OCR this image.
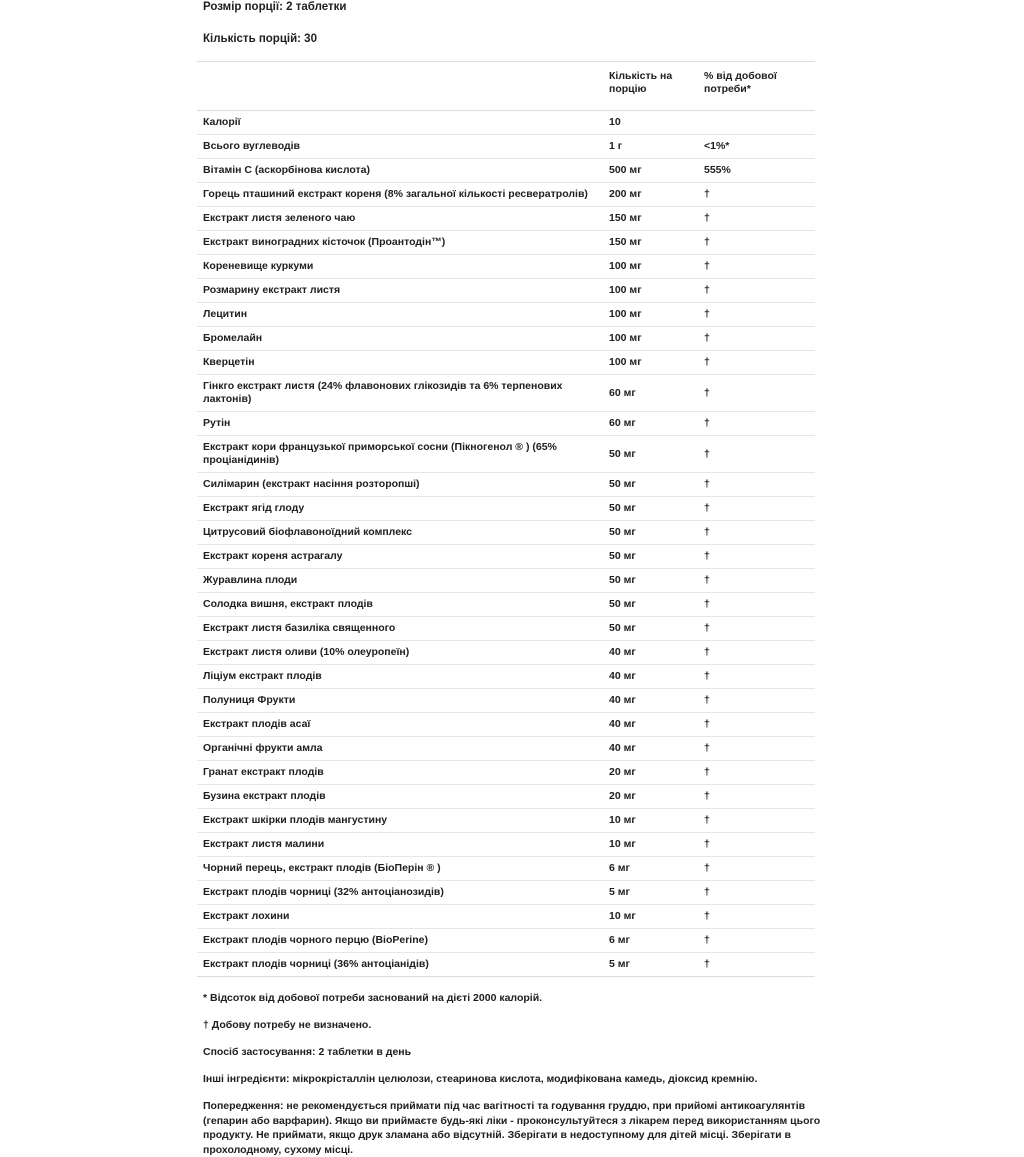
Розмір порції: 2 таблетки

Кількість порцій: 30

	Кількість на порцію	% від добової потреби*
Калорії	10	
Всього вуглеводів	1 г	<1%*
Вітамін С (аскорбінова кислота)	500 мг	555%
Горець пташиний екстракт кореня (8% загальної кількості ресвератролів)	200 мг	†
Екстракт листя зеленого чаю	150 мг	†
Екстракт виноградних кісточок (Проантодін™)	150 мг	†
Кореневище куркуми	100 мг	†
Розмарину екстракт листя	100 мг	†
Лецитин	100 мг	†
Бромелайн	100 мг	†
Кверцетін	100 мг	†
Гінкго екстракт листя (24% флавонових глікозидів та 6% терпенових лактонів)	60 мг	†
Рутін	60 мг	†
Екстракт кори французької приморської сосни (Пікногенол ® ) (65% проціанідинів)	50 мг	†
Силімарин (екстракт насіння розторопші)	50 мг	†
Екстракт ягід глоду	50 мг	†
Цитрусовий біофлавоноїдний комплекс	50 мг	†
Екстракт кореня астрагалу	50 мг	†
Журавлина плоди	50 мг	†
Солодка вишня, екстракт плодів	50 мг	†
Екстракт листя базиліка священного	50 мг	†
Екстракт листя оливи (10% олеуропеїн)	40 мг	†
Ліціум екстракт плодів	40 мг	†
Полуниця Фрукти	40 мг	†
Екстракт плодів асаї	40 мг	†
Органічні фрукти амла	40 мг	†
Гранат екстракт плодів	20 мг	†
Бузина екстракт плодів	20 мг	†
Екстракт шкірки плодів мангустину	10 мг	†
Екстракт листя малини	10 мг	†
Чорний перець, екстракт плодів (БіоПерін ® )	6 мг	†
Екстракт плодів чорниці (32% антоціанозидів)	5 мг	†
Екстракт лохини	10 мг	†
Екстракт плодів чорного перцю (BioPerine)	6 мг	†
Екстракт плодів чорниці (36% антоціанідів)	5 мг	†

* Відсоток від добової потреби заснований на дієті 2000 калорій.

† Добову потребу не визначено.

Спосіб застосування: 2 таблетки в день

Інші інгредієнти: мікрокрісталлін целюлози, стеаринова кислота, модифікована камедь, діоксид кремнію.

Попередження: не рекомендується приймати під час вагітності та годування груддю, при прийомі антикоагулянтів (гепарин або варфарин). Якщо ви приймаєте будь-які ліки - проконсультуйтеся з лікарем перед використанням цього продукту. Не приймати, якщо друк зламана або відсутній. Зберігати в недоступному для дітей місці. Зберігати в прохолодному, сухому місці.
